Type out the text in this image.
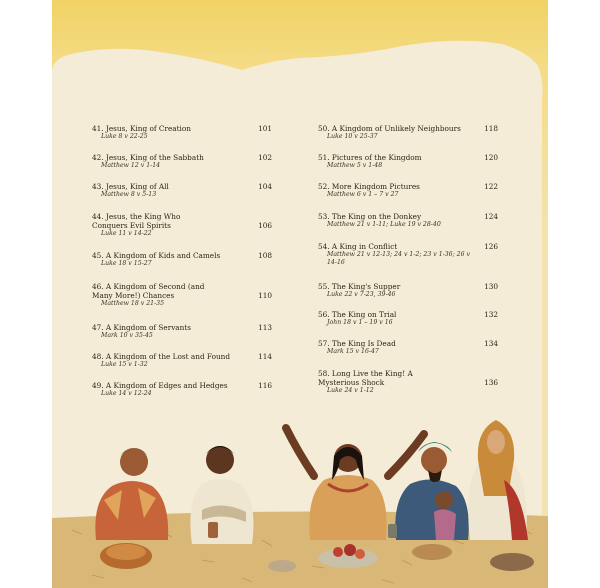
41. Jesus, King of Creation	101
Luke 8 v 22-25
42. Jesus, King of the Sabbath	102
Matthew 12 v 1-14
43. Jesus, King of All	104
Matthew 8 v 5-13
44. Jesus, the King Who Conquers Evil Spirits	106
Luke 11 v 14-22
45. A Kingdom of Kids and Camels	108
Luke 18 v 15-27
46. A Kingdom of Second (and Many More!) Chances	110
Matthew 18 v 21-35
47. A Kingdom of Servants	113
Mark 10 v 35-45
48. A Kingdom of the Lost and Found	114
Luke 15 v 1-32
49. A Kingdom of Edges and Hedges	116
Luke 14 v 12-24
50. A Kingdom of Unlikely Neighbours	118
Luke 10 v 25-37
51. Pictures of the Kingdom	120
Matthew 5 v 1-48
52. More Kingdom Pictures	122
Matthew 6 v 1 – 7 v 27
53. The King on the Donkey	124
Matthew 21 v 1-11; Luke 19 v 28-40
54. A King in Conflict	126
Matthew 21 v 12-13; 24 v 1-2; 23 v 1-36; 26 v 14-16
55. The King's Supper	130
Luke 22 v 7-23, 39-46
56. The King on Trial	132
John 18 v 1 – 19 v 16
57. The King Is Dead	134
Mark 15 v 16-47
58. Long Live the King! A Mysterious Shock	136
Luke 24 v 1-12
